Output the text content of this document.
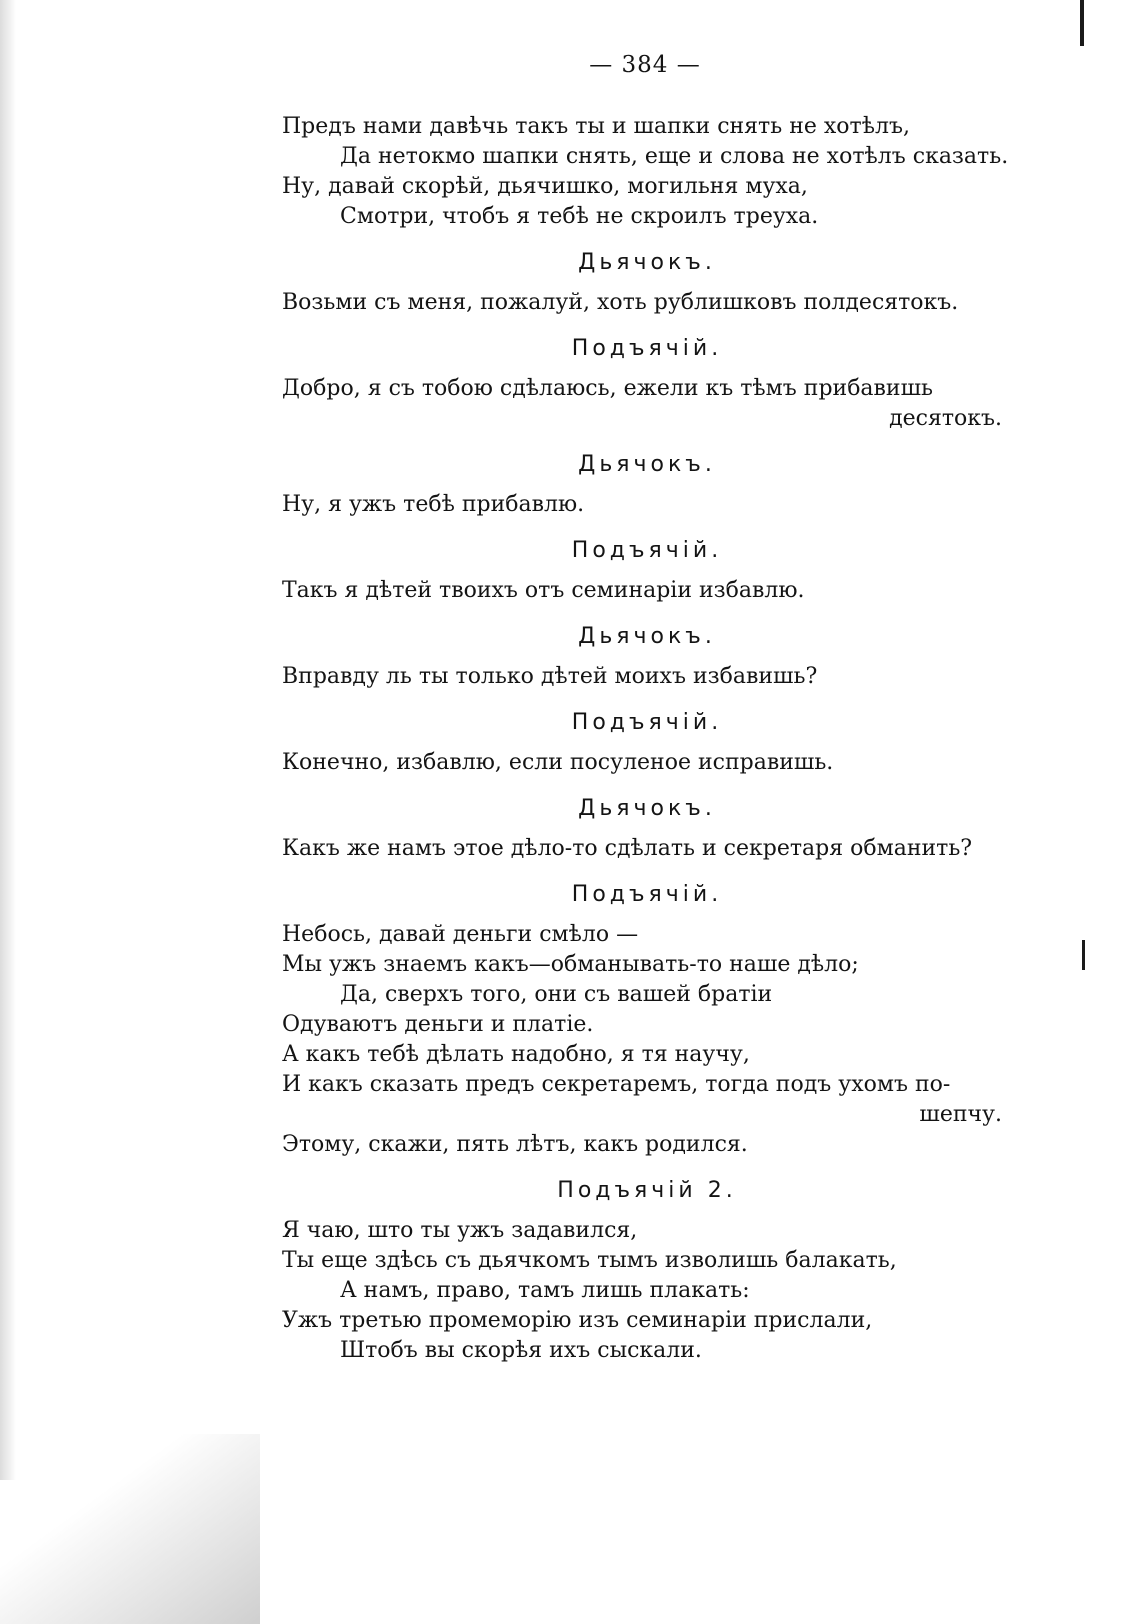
— 384 —
Предъ нами давѣчь такъ ты и шапки снять не хотѣлъ,
Да нетокмо шапки снять, еще и слова не хотѣлъ сказать.
Ну, давай скорѣй, дьячишко, могильня муха,
Смотри, чтобъ я тебѣ не скроилъ треуха.
Дьячокъ.
Возьми съ меня, пожалуй, хоть рублишковъ полдесятокъ.
Подъячій.
Добро, я съ тобою сдѣлаюсь, ежели къ тѣмъ прибавишь
десятокъ.
Дьячокъ.
Ну, я ужъ тебѣ прибавлю.
Подъячій.
Такъ я дѣтей твоихъ отъ семинаріи избавлю.
Дьячокъ.
Вправду ль ты только дѣтей моихъ избавишь?
Подъячій.
Конечно, избавлю, если посуленое исправишь.
Дьячокъ.
Какъ же намъ этое дѣло-то сдѣлать и секретаря обманить?
Подъячій.
Небось, давай деньги смѣло —
Мы ужъ знаемъ какъ—обманывать-то наше дѣло;
Да, сверхъ того, они съ вашей братіи
Одуваютъ деньги и платіе.
А какъ тебѣ дѣлать надобно, я тя научу,
И какъ сказать предъ секретаремъ, тогда подъ ухомъ по-
шепчу.
Этому, скажи, пять лѣтъ, какъ родился.
Подъячій 2.
Я чаю, што ты ужъ задавился,
Ты еще здѣсь съ дьячкомъ тымъ изволишь балакать,
А намъ, право, тамъ лишь плакать:
Ужъ третью промеморію изъ семинаріи прислали,
Штобъ вы скорѣя ихъ сыскали.
